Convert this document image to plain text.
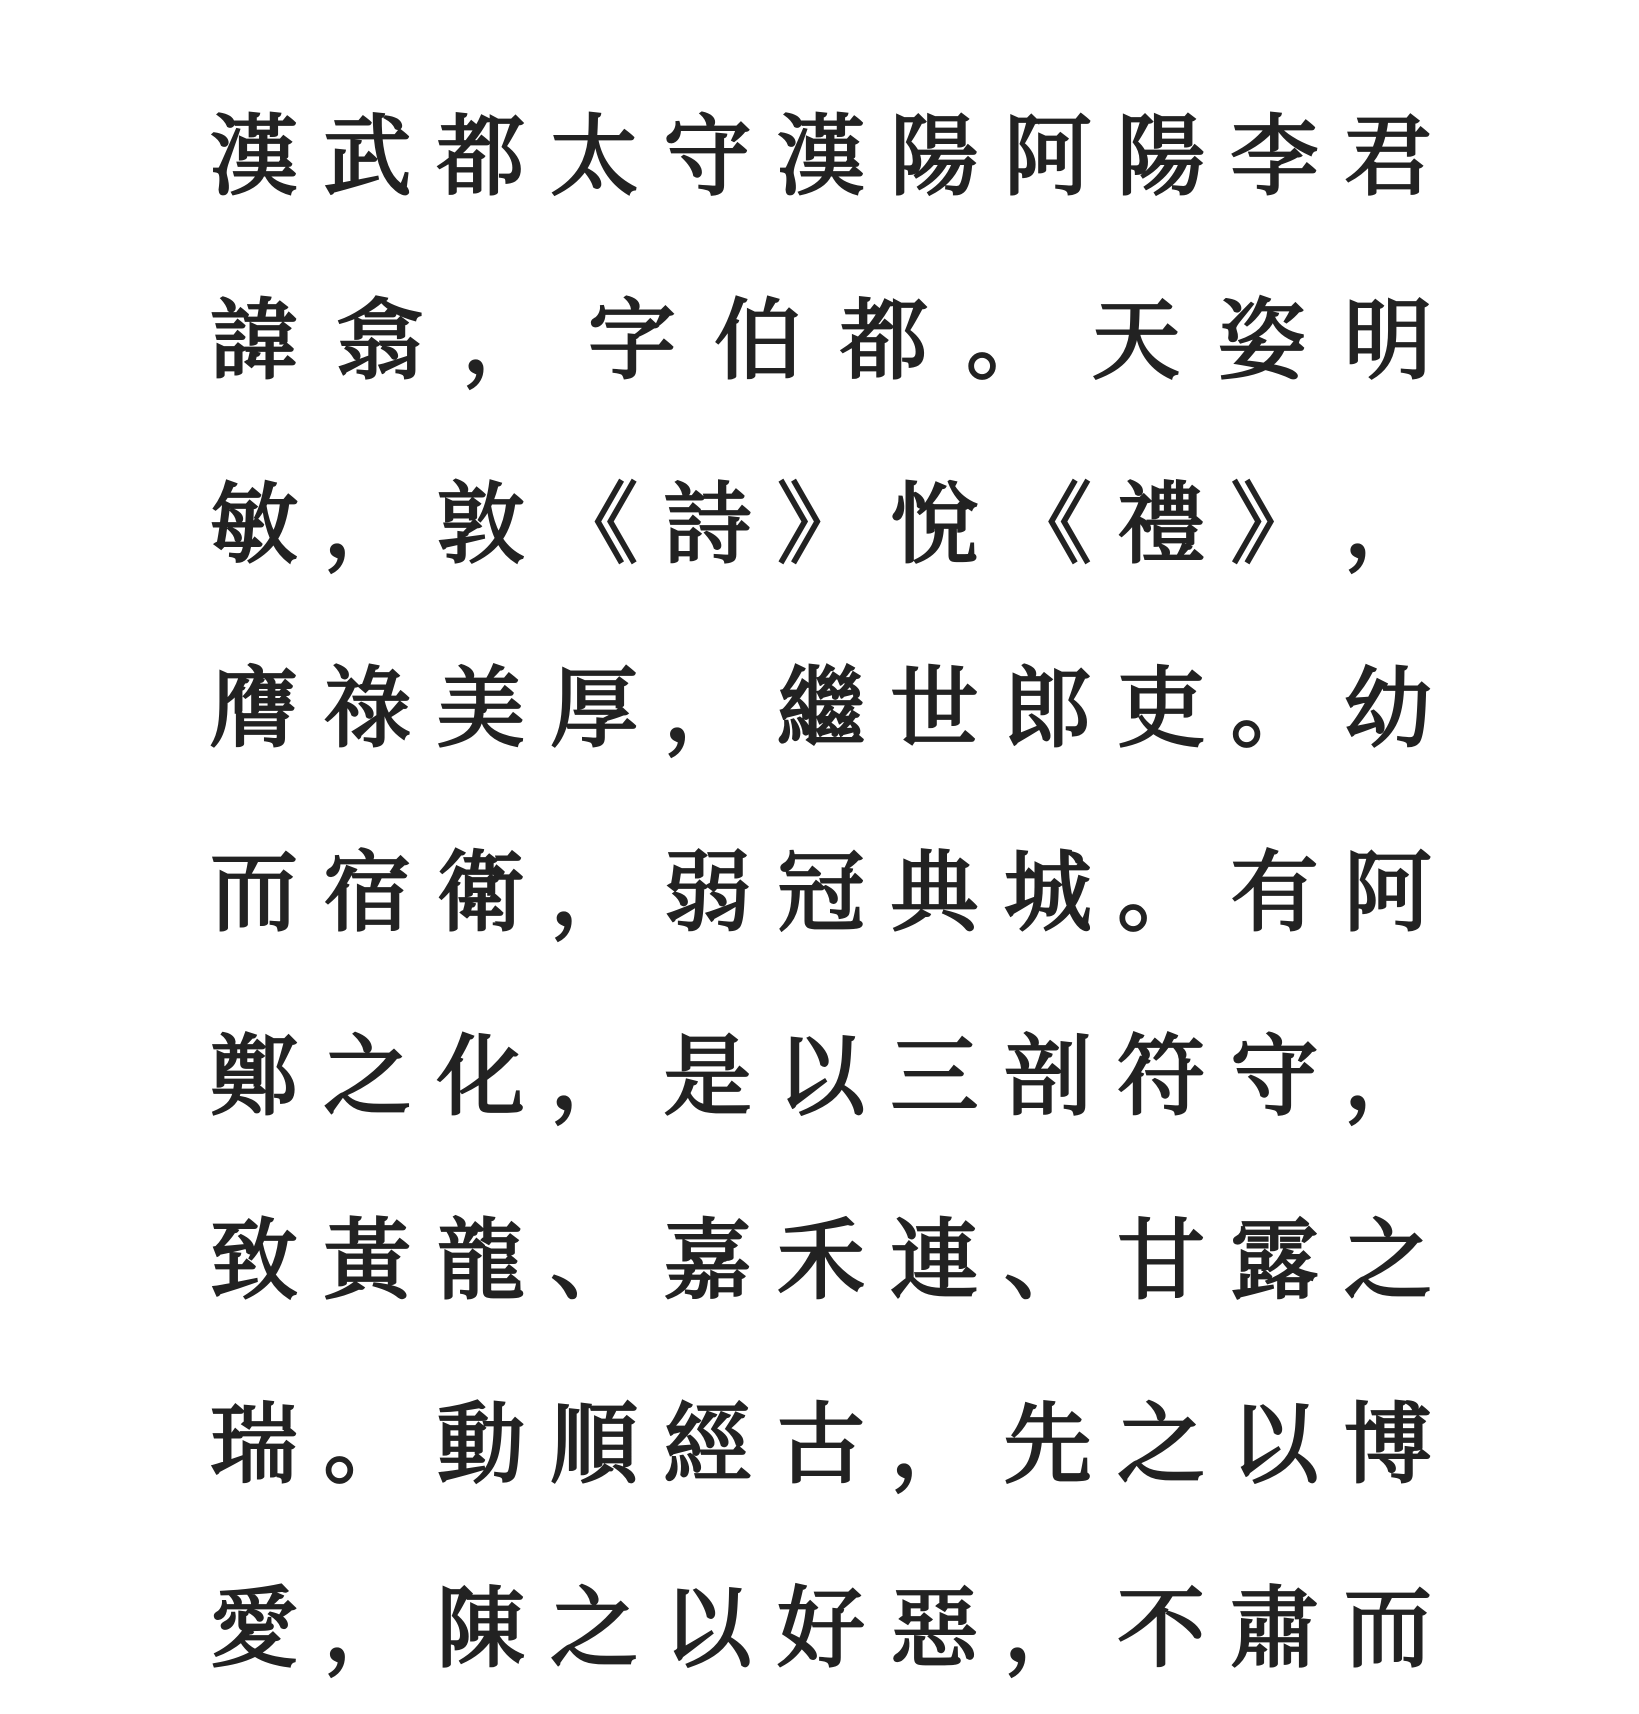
漢 武 都 太 守 漢 陽 阿 陽 李 君
諱 翕 ， 字 伯 都 。 天 姿 明
敏 ， 敦 《 詩 》 悅 《 禮 》 ，
膺 祿 美 厚 ， 繼 世 郎 吏 。 幼
而 宿 衛 ， 弱 冠 典 城 。 有 阿
鄭 之 化 ， 是 以 三 剖 符 守 ，
致 黃 龍 、 嘉 禾 連 、 甘 露 之
瑞 。 動 順 經 古 ， 先 之 以 博
愛 ， 陳 之 以 好 惡 ， 不 肅 而
